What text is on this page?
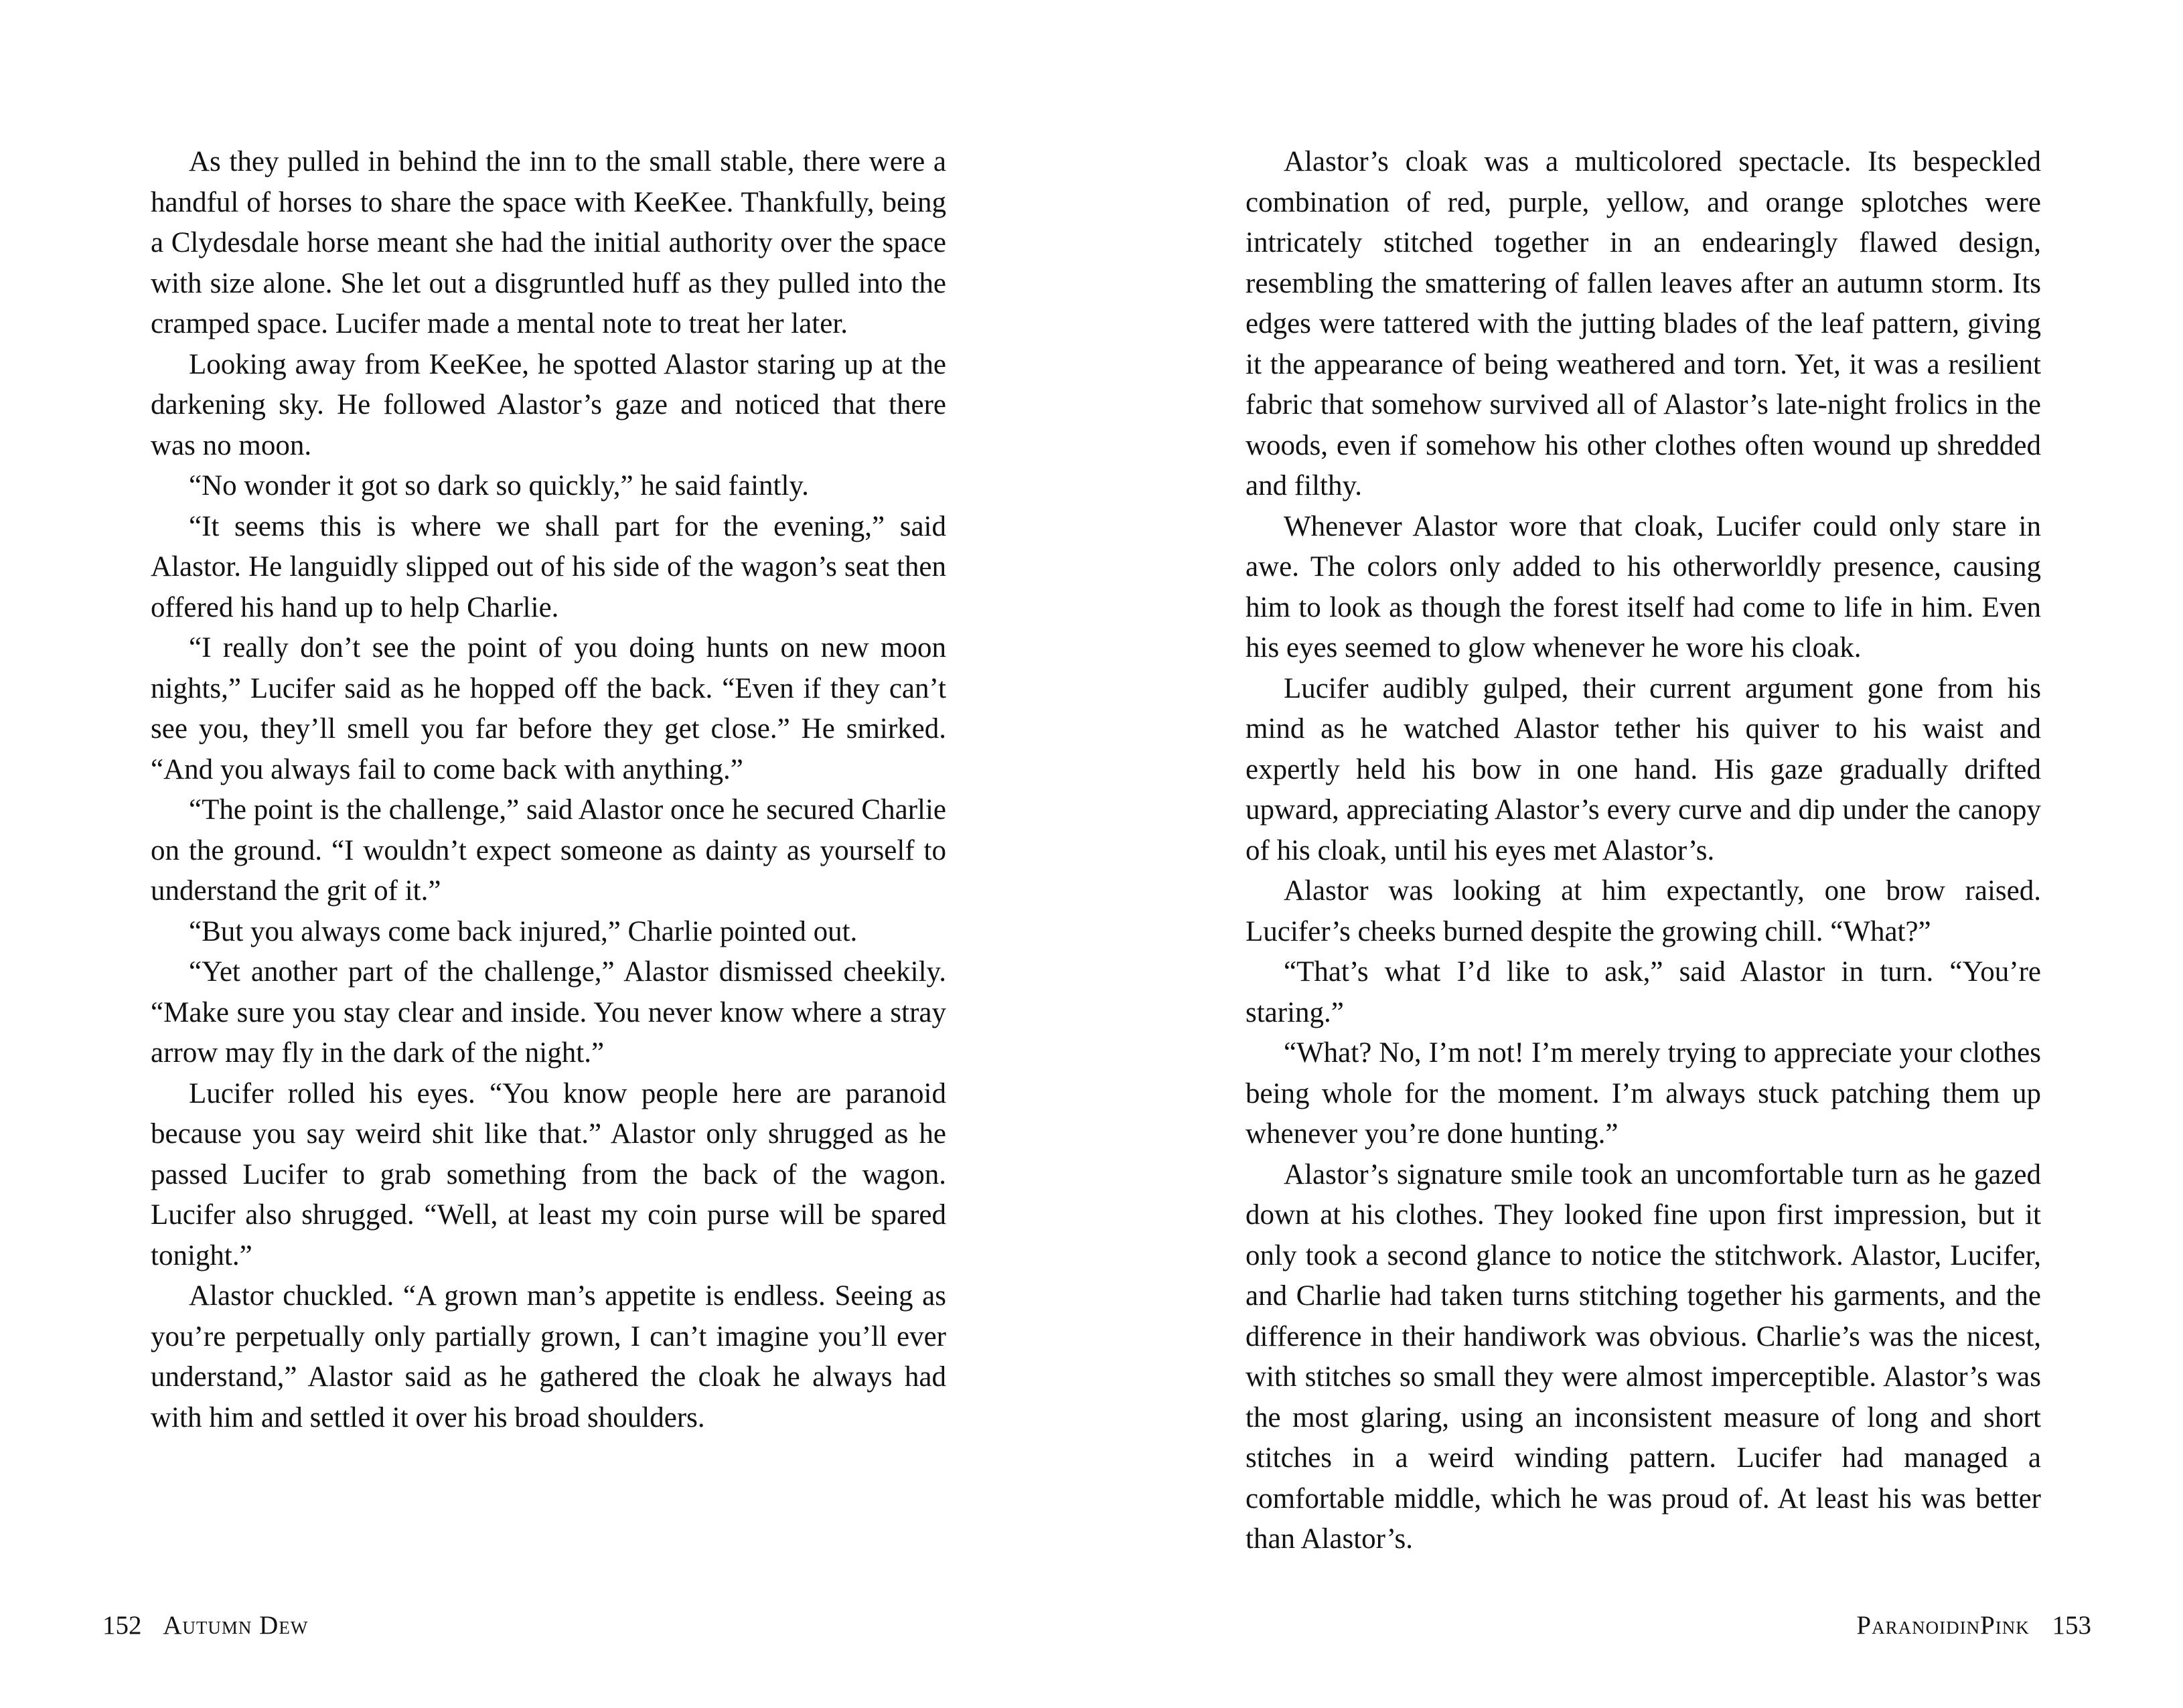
As they pulled in behind the inn to the small stable, there were a handful of horses to share the space with KeeKee. Thankfully, being a Clydesdale horse meant she had the initial authority over the space with size alone. She let out a disgruntled huff as they pulled into the cramped space. Lucifer made a mental note to treat her later.

Looking away from KeeKee, he spotted Alastor staring up at the darkening sky. He followed Alastor’s gaze and noticed that there was no moon.

“No wonder it got so dark so quickly,” he said faintly.

“It seems this is where we shall part for the evening,” said Alastor. He languidly slipped out of his side of the wagon’s seat then offered his hand up to help Charlie.

“I really don’t see the point of you doing hunts on new moon nights,” Lucifer said as he hopped off the back. “Even if they can’t see you, they’ll smell you far before they get close.” He smirked. “And you always fail to come back with anything.”

“The point is the challenge,” said Alastor once he secured Charlie on the ground. “I wouldn’t expect someone as dainty as yourself to understand the grit of it.”

“But you always come back injured,” Charlie pointed out.

“Yet another part of the challenge,” Alastor dismissed cheekily. “Make sure you stay clear and inside. You never know where a stray arrow may fly in the dark of the night.”

Lucifer rolled his eyes. “You know people here are paranoid because you say weird shit like that.” Alastor only shrugged as he passed Lucifer to grab something from the back of the wagon. Lucifer also shrugged. “Well, at least my coin purse will be spared tonight.”

Alastor chuckled. “A grown man’s appetite is endless. Seeing as you’re perpetually only partially grown, I can’t imagine you’ll ever understand,” Alastor said as he gathered the cloak he always had with him and settled it over his broad shoulders.

Alastor’s cloak was a multicolored spectacle. Its bespeckled combination of red, purple, yellow, and orange splotches were intricately stitched together in an endearingly flawed design, resembling the smattering of fallen leaves after an autumn storm. Its edges were tattered with the jutting blades of the leaf pattern, giving it the appearance of being weathered and torn. Yet, it was a resilient fabric that somehow survived all of Alastor’s late-night frolics in the woods, even if somehow his other clothes often wound up shredded and filthy.

Whenever Alastor wore that cloak, Lucifer could only stare in awe. The colors only added to his otherworldly presence, causing him to look as though the forest itself had come to life in him. Even his eyes seemed to glow whenever he wore his cloak.

Lucifer audibly gulped, their current argument gone from his mind as he watched Alastor tether his quiver to his waist and expertly held his bow in one hand. His gaze gradually drifted upward, appreciating Alastor’s every curve and dip under the canopy of his cloak, until his eyes met Alastor’s.

Alastor was looking at him expectantly, one brow raised. Lucifer’s cheeks burned despite the growing chill. “What?”

“That’s what I’d like to ask,” said Alastor in turn. “You’re staring.”

“What? No, I’m not! I’m merely trying to appreciate your clothes being whole for the moment. I’m always stuck patching them up whenever you’re done hunting.”

Alastor’s signature smile took an uncomfortable turn as he gazed down at his clothes. They looked fine upon first impression, but it only took a second glance to notice the stitchwork. Alastor, Lucifer, and Charlie had taken turns stitching together his garments, and the difference in their handiwork was obvious. Charlie’s was the nicest, with stitches so small they were almost imperceptible. Alastor’s was the most glaring, using an inconsistent measure of long and short stitches in a weird winding pattern. Lucifer had managed a comfortable middle, which he was proud of. At least his was better than Alastor’s.

152 Autumn Dew	ParanoidinPink 153
